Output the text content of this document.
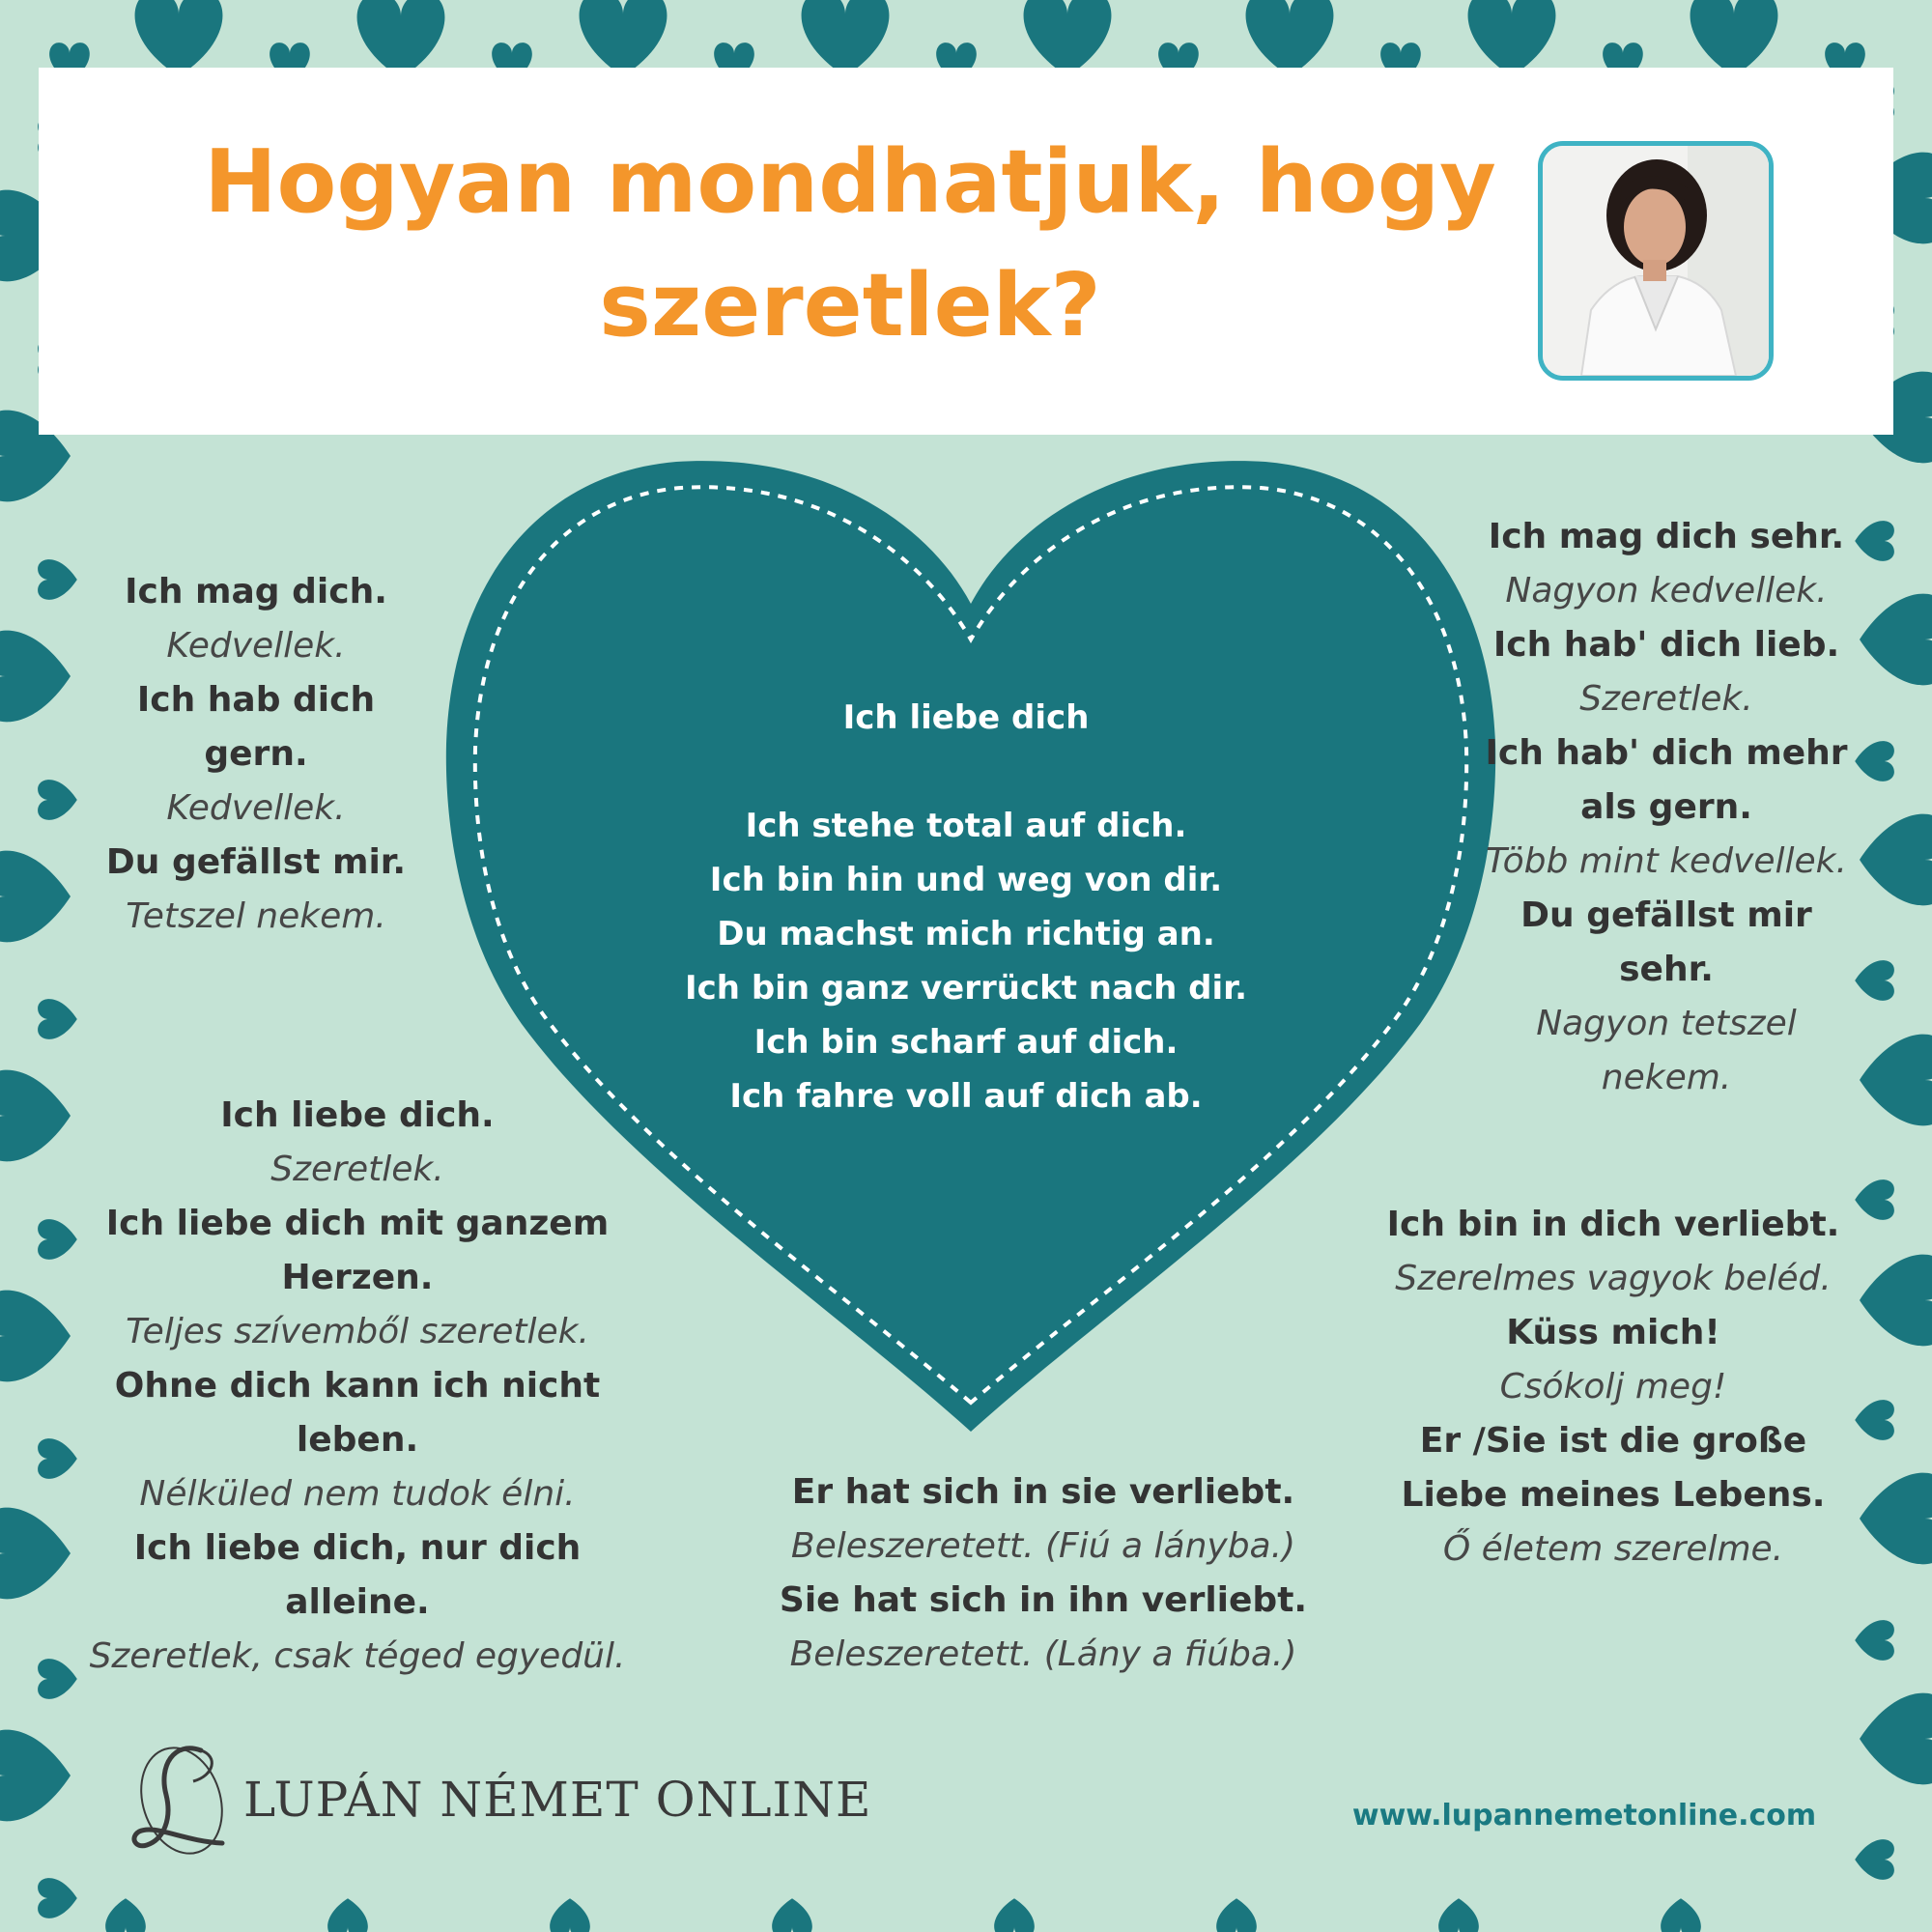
Hogyan mondhatjuk, hogy szeretlek?
Ich mag dich.
Kedvellek.
Ich hab dich gern.
Kedvellek.
Du gefällst mir.
Tetszel nekem.
Ich liebe dich.
Szeretlek.
Ich liebe dich mit ganzem Herzen.
Teljes szívemből szeretlek.
Ohne dich kann ich nicht leben.
Nélküled nem tudok élni.
Ich liebe dich, nur dich alleine.
Szeretlek, csak téged egyedül.
Ich mag dich sehr.
Nagyon kedvellek.
Ich hab' dich lieb.
Szeretlek.
Ich hab' dich mehr als gern.
Több mint kedvellek.
Du gefällst mir sehr.
Nagyon tetszel nekem.
Ich bin in dich verliebt.
Szerelmes vagyok beléd.
Küss mich!
Csókolj meg!
Er /Sie ist die große Liebe meines Lebens.
Ő életem szerelme.
Er hat sich in sie verliebt.
Beleszeretett. (Fiú a lányba.)
Sie hat sich in ihn verliebt.
Beleszeretett. (Lány a fiúba.)
Ich liebe dich
Ich stehe total auf dich.
Ich bin hin und weg von dir.
Du machst mich richtig an.
Ich bin ganz verrückt nach dir.
Ich bin scharf auf dich.
Ich fahre voll auf dich ab.
LUPÁN NÉMET ONLINE	www.lupannemetonline.com
